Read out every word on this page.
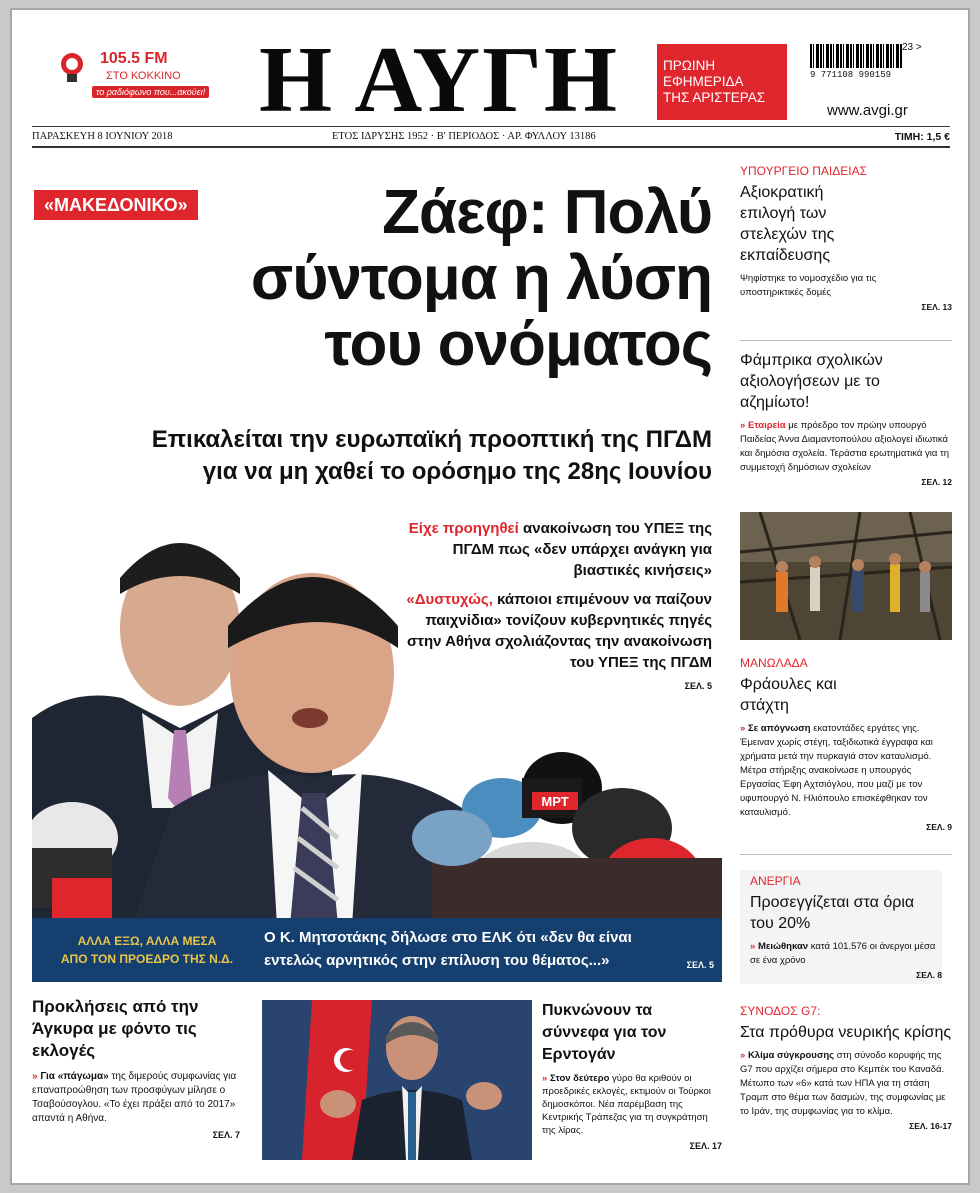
105.5 FM
ΣΤΟ ΚΟΚΚΙΝΟ
το ραδιόφωνο που...ακούει! Η ΑΥΓΗ	ΠΡΩΙΝΗ
ΕΦΗΜΕΡΙΔΑ
ΤΗΣ ΑΡΙΣΤΕΡΑΣ
9 771108 990159
23 >
www.avgi.gr
ΠΑΡΑΣΚΕΥΗ 8 ΙΟΥΝΙΟΥ 2018	ΕΤΟΣ ΙΔΡΥΣΗΣ 1952 · Β' ΠΕΡΙΟΔΟΣ · ΑΡ. ΦΥΛΛΟΥ 13186	ΤΙΜΗ: 1,5 €
«ΜΑΚΕΔΟΝΙΚΟ»	Ζάεφ: Πολύ
σύντομα η λύση
του ονόματος
Επικαλείται την ευρωπαϊκή προοπτική της ΠΓΔΜ
για να μη χαθεί το ορόσημο της 28ης Ιουνίου
МРТ

Είχε προηγηθεί ανακοίνωση του ΥΠΕΞ της ΠΓΔΜ πως «δεν υπάρχει ανάγκη για βιαστικές κινήσεις»

«Δυστυχώς, κάποιοι επιμένουν να παίζουν παιχνίδια» τονίζουν κυβερνητικές πηγές στην Αθήνα σχολιάζοντας την ανακοίνωση του ΥΠΕΞ της ΠΓΔΜ

ΣΕΛ. 5
ΑΛΛΑ ΕΞΩ, ΑΛΛΑ ΜΕΣΑ
ΑΠΟ ΤΟΝ ΠΡΟΕΔΡΟ ΤΗΣ Ν.Δ.
Ο Κ. Μητσοτάκης δήλωσε στο ΕΛΚ ότι «δεν θα είναι εντελώς αρνητικός στην επίλυση του θέματος...»	ΣΕΛ. 5
Προκλήσεις από την Άγκυρα με φόντο τις εκλογές
» Για «πάγωμα» της διμερούς συμφωνίας για επαναπροώθηση των προσφύγων μίλησε ο Τσαβούσογλου. «Το έχει πράξει από το 2017» απαντά η Αθήνα.
ΣΕΛ. 7
Πυκνώνουν τα σύννεφα για τον Ερντογάν
» Στον δεύτερο γύρο θα κριθούν οι προεδρικές εκλογές, εκτιμούν οι Τούρκοι δημοσκόποι. Νέα παρέμβαση της Κεντρικής Τράπεζας για τη συγκράτηση της λίρας.
ΣΕΛ. 17
ΥΠΟΥΡΓΕΙΟ ΠΑΙΔΕΙΑΣ
Αξιοκρατική επιλογή των στελεχών της εκπαίδευσης
Ψηφίστηκε το νομοσχέδιο για τις υποστηρικτικές δομές
ΣΕΛ. 13
Φάμπρικα σχολικών αξιολογήσεων με το αζημίωτο!
» Εταιρεία με πρόεδρο τον πρώην υπουργό Παιδείας Άννα Διαμαντοπούλου αξιολογεί ιδιωτικά και δημόσια σχολεία. Τεράστια ερωτηματικά για τη συμμετοχή δημόσιων σχολείων
ΣΕΛ. 12
ΜΑΝΩΛΑΔΑ
Φράουλες και στάχτη
» Σε απόγνωση εκατοντάδες εργάτες γης. Έμειναν χωρίς στέγη, ταξιδιωτικά έγγραφα και χρήματα μετά την πυρκαγιά στον καταυλισμό. Μέτρα στήριξης ανακοίνωσε η υπουργός Εργασίας Έφη Αχτσιόγλου, που μαζί με τον υφυπουργό Ν. Ηλιόπουλο επισκέφθηκαν τον καταυλισμό.
ΣΕΛ. 9
ΑΝΕΡΓΙΑ
Προσεγγίζεται στα όρια του 20%
» Μειώθηκαν κατά 101.576 οι άνεργοι μέσα σε ένα χρόνο
ΣΕΛ. 8
ΣΥΝΟΔΟΣ G7:
Στα πρόθυρα νευρικής κρίσης
» Κλίμα σύγκρουσης στη σύνοδο κορυφής της G7 που αρχίζει σήμερα στο Κεμπέκ του Καναδά. Μέτωπο των «6» κατά των ΗΠΑ για τη στάση Τραμπ στο θέμα των δασμών, της συμφωνίας με το Ιράν, της συμφωνίας για το κλίμα.
ΣΕΛ. 16-17
